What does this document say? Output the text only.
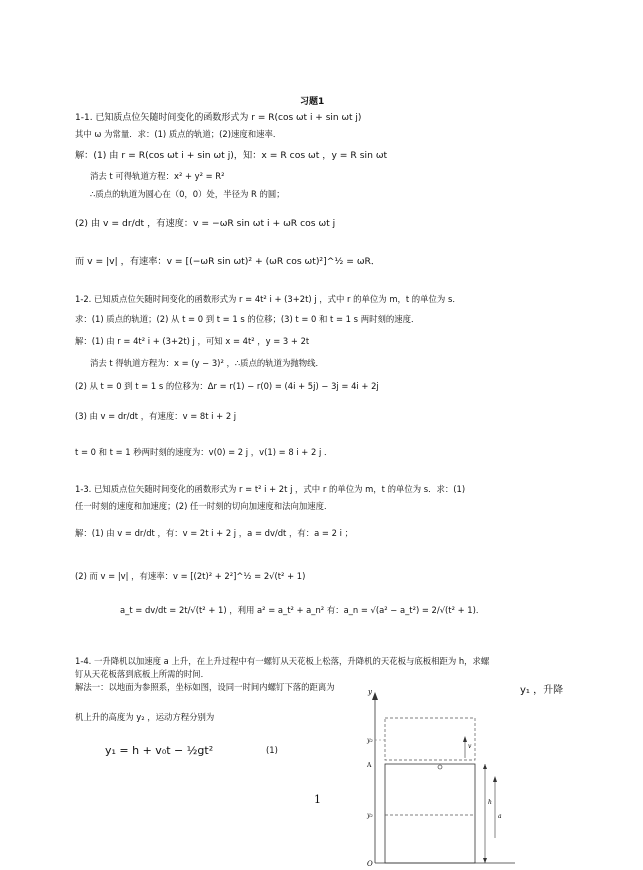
习题1
1-1. 已知质点位矢随时间变化的函数形式为 r = R(cos ωt i + sin ωt j)
其中 ω 为常量．求：(1) 质点的轨道；(2)速度和速率．
解：(1) 由 r = R(cos ωt i + sin ωt j)，知：x = R cos ωt ，y = R sin ωt
消去 t 可得轨道方程：x² + y² = R²
∴质点的轨道为圆心在（0，0）处，半径为 R 的圆；
(2) 由 v = dr/dt ，有速度：v = −ωR sin ωt i + ωR cos ωt j
而 v = |v| ，有速率：v = [(−ωR sin ωt)² + (ωR cos ωt)²]^½ = ωR．
1-2. 已知质点位矢随时间变化的函数形式为 r = 4t² i + (3+2t) j ，式中 r 的单位为 m，t 的单位为 s．
求：(1) 质点的轨道；(2) 从 t = 0 到 t = 1 s 的位移；(3) t = 0 和 t = 1 s 两时刻的速度．
解：(1) 由 r = 4t² i + (3+2t) j ，可知 x = 4t² ，y = 3 + 2t
消去 t 得轨道方程为：x = (y − 3)² ，∴质点的轨道为抛物线．
(2) 从 t = 0 到 t = 1 s 的位移为：Δr = r(1) − r(0) = (4i + 5j) − 3j = 4i + 2j
(3) 由 v = dr/dt ，有速度：v = 8t i + 2 j
t = 0 和 t = 1 秒两时刻的速度为：v(0) = 2 j ，v(1) = 8 i + 2 j ．
1-3. 已知质点位矢随时间变化的函数形式为 r = t² i + 2t j ，式中 r 的单位为 m，t 的单位为 s．求：(1)
任一时刻的速度和加速度；(2) 任一时刻的切向加速度和法向加速度．
解：(1) 由 v = dr/dt ，有：v = 2t i + 2 j ，a = dv/dt ，有：a = 2 i ；
(2) 而 v = |v| ，有速率：v = [(2t)² + 2²]^½ = 2√(t² + 1)
a_t = dv/dt = 2t/√(t² + 1) ，利用 a² = a_t² + a_n² 有：a_n = √(a² − a_t²) = 2/√(t² + 1)．
1-4. 一升降机以加速度 a 上升，在上升过程中有一螺钉从天花板上松落，升降机的天花板与底板相距为 h，求螺
钉从天花板落到底板上所需的时间．
解法一：以地面为参照系，坐标如图，设同一时间内螺钉下落的距离为	y₁ ，升降
机上升的高度为 y₂ ，运动方程分别为
y₁ = h + v₀t − ½gt²	(1)
1
y
y₂
A
v
y₂
h
a
O
